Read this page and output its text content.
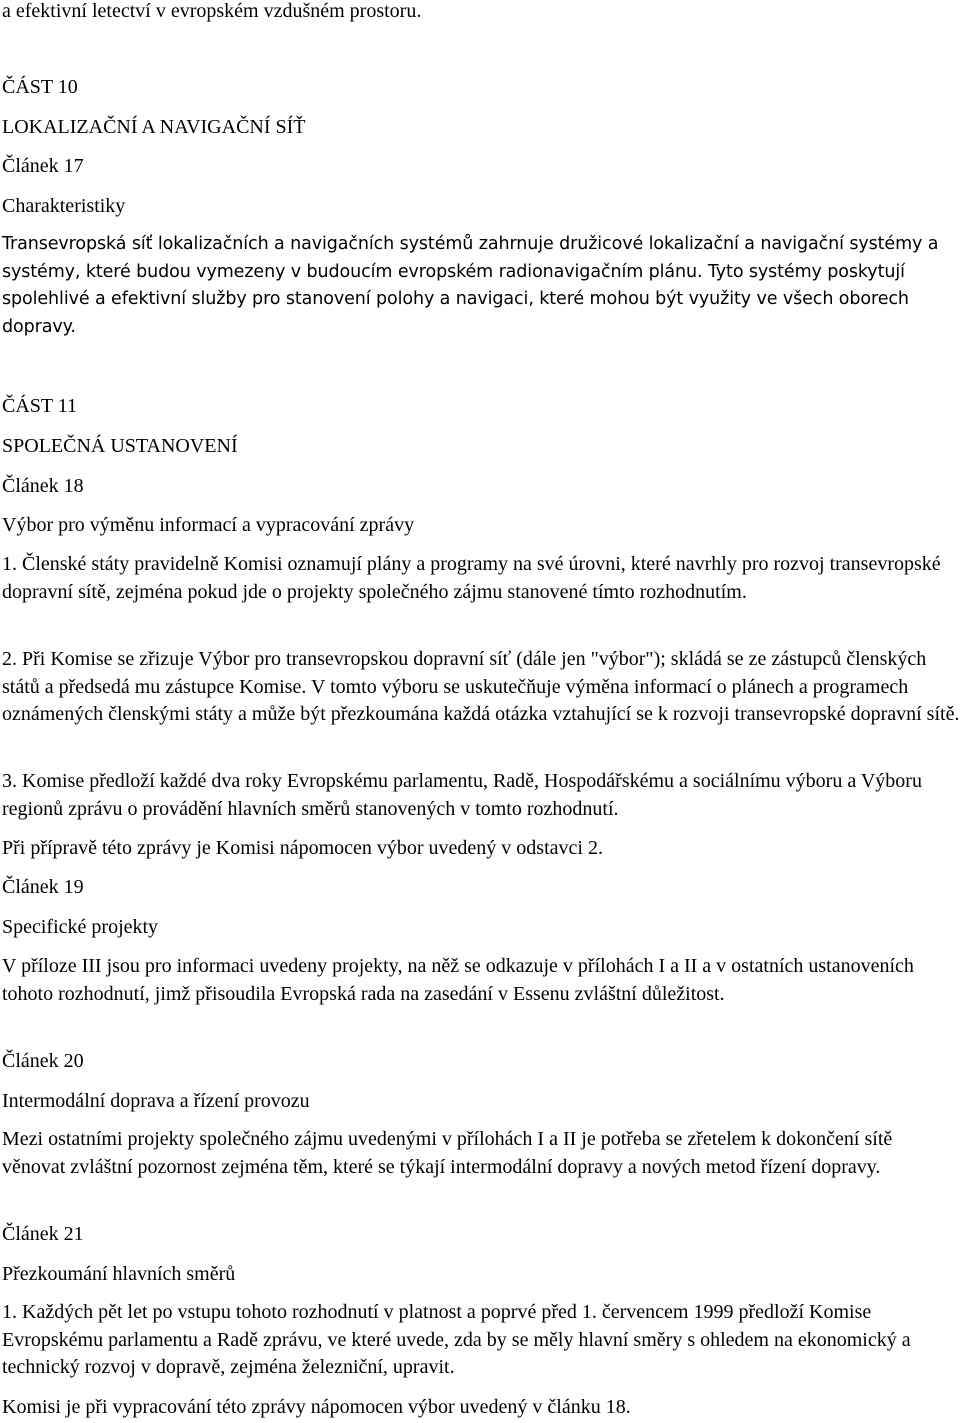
a efektivní letectví v evropském vzdušném prostoru.

ČÁST 10

LOKALIZAČNÍ A NAVIGAČNÍ SÍŤ

Článek 17

Charakteristiky

Transevropská síť lokalizačních a navigačních systémů zahrnuje družicové lokalizační a navigační systémy a systémy, které budou vymezeny v budoucím evropském radionavigačním plánu. Tyto systémy poskytují spolehlivé a efektivní služby pro stanovení polohy a navigaci, které mohou být využity ve všech oborech dopravy.

ČÁST 11

SPOLEČNÁ USTANOVENÍ

Článek 18

Výbor pro výměnu informací a vypracování zprávy

1. Členské státy pravidelně Komisi oznamují plány a programy na své úrovni, které navrhly pro rozvoj transevropské dopravní sítě, zejména pokud jde o projekty společného zájmu stanovené tímto rozhodnutím.

2. Při Komise se zřizuje Výbor pro transevropskou dopravní síť (dále jen "výbor"); skládá se ze zástupců členských států a předsedá mu zástupce Komise. V tomto výboru se uskutečňuje výměna informací o plánech a programech oznámených členskými státy a může být přezkoumána každá otázka vztahující se k rozvoji transevropské dopravní sítě.

3. Komise předloží každé dva roky Evropskému parlamentu, Radě, Hospodářskému a sociálnímu výboru a Výboru regionů zprávu o provádění hlavních směrů stanovených v tomto rozhodnutí.

Při přípravě této zprávy je Komisi nápomocen výbor uvedený v odstavci 2.

Článek 19

Specifické projekty

V příloze III jsou pro informaci uvedeny projekty, na něž se odkazuje v přílohách I a II a v ostatních ustanoveních tohoto rozhodnutí, jimž přisoudila Evropská rada na zasedání v Essenu zvláštní důležitost.

Článek 20

Intermodální doprava a řízení provozu

Mezi ostatními projekty společného zájmu uvedenými v přílohách I a II je potřeba se zřetelem k dokončení sítě věnovat zvláštní pozornost zejména těm, které se týkají intermodální dopravy a nových metod řízení dopravy.

Článek 21

Přezkoumání hlavních směrů

1. Každých pět let po vstupu tohoto rozhodnutí v platnost a poprvé před 1. červencem 1999 předloží Komise Evropskému parlamentu a Radě zprávu, ve které uvede, zda by se měly hlavní směry s ohledem na ekonomický a technický rozvoj v dopravě, zejména železniční, upravit.

Komisi je při vypracování této zprávy nápomocen výbor uvedený v článku 18.
